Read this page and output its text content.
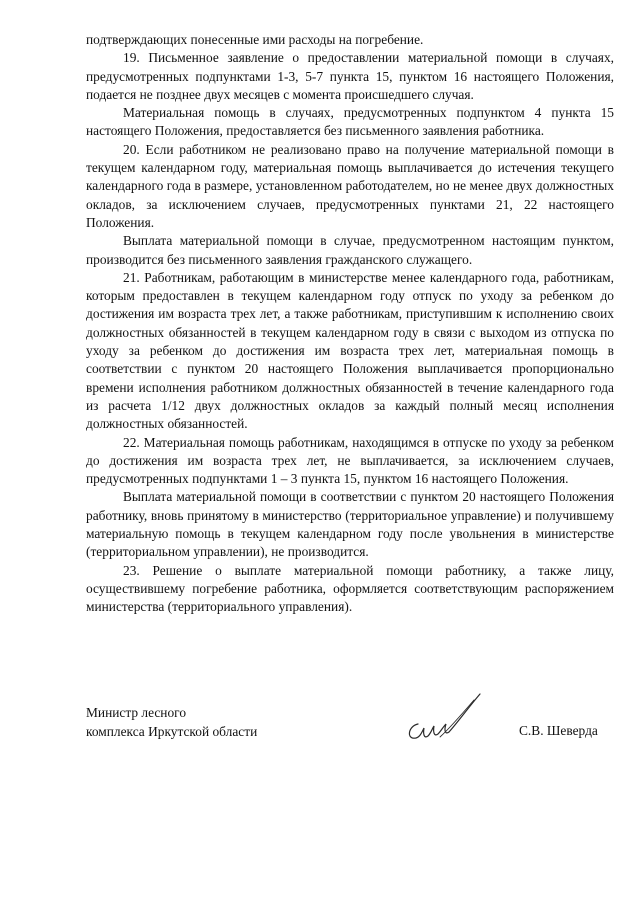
подтверждающих понесенные ими расходы на погребение.

19. Письменное заявление о предоставлении материальной помощи в случаях, предусмотренных подпунктами 1-3, 5-7 пункта 15, пунктом 16 настоящего Положения, подается не позднее двух месяцев с момента происшедшего случая.

Материальная помощь в случаях, предусмотренных подпунктом 4 пункта 15 настоящего Положения, предоставляется без письменного заявления работника.

20. Если работником не реализовано право на получение материальной помощи в текущем календарном году, материальная помощь выплачивается до истечения текущего календарного года в размере, установленном работодателем, но не менее двух должностных окладов, за исключением случаев, предусмотренных пунктами 21, 22 настоящего Положения.

Выплата материальной помощи в случае, предусмотренном настоящим пунктом, производится без письменного заявления гражданского служащего.

21. Работникам, работающим в министерстве менее календарного года, работникам, которым предоставлен в текущем календарном году отпуск по уходу за ребенком до достижения им возраста трех лет, а также работникам, приступившим к исполнению своих должностных обязанностей в текущем календарном году в связи с выходом из отпуска по уходу за ребенком до достижения им возраста трех лет, материальная помощь в соответствии с пунктом 20 настоящего Положения выплачивается пропорционально времени исполнения работником должностных обязанностей в течение календарного года из расчета 1/12 двух должностных окладов за каждый полный месяц исполнения должностных обязанностей.

22. Материальная помощь работникам, находящимся в отпуске по уходу за ребенком до достижения им возраста трех лет, не выплачивается, за исключением случаев, предусмотренных подпунктами 1 – 3 пункта 15, пунктом 16 настоящего Положения.

Выплата материальной помощи в соответствии с пунктом 20 настоящего Положения работнику, вновь принятому в министерство (территориальное управление) и получившему материальную помощь в текущем календарном году после увольнения в министерстве (территориальном управлении), не производится.

23. Решение о выплате материальной помощи работнику, а также лицу, осуществившему погребение работника, оформляется соответствующим распоряжением министерства (территориального управления).

Министр лесного
комплекса Иркутской области	С.В. Шеверда
